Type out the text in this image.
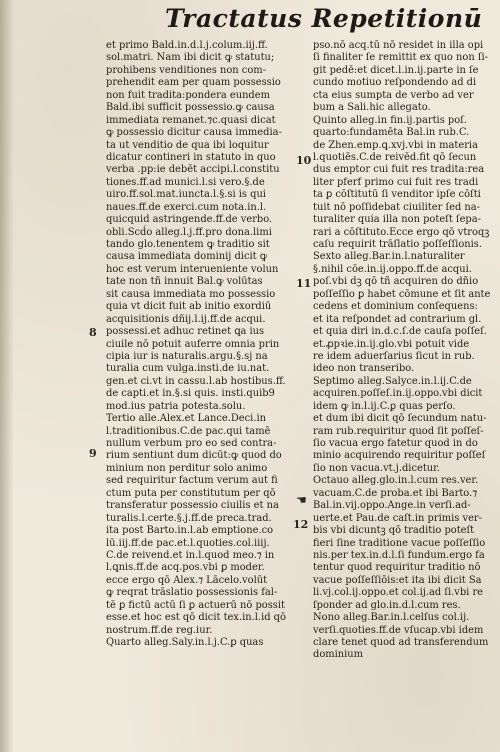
Tractatus Repetitionū
et primo Bald.in.d.l.j.colum.iij.ff.
sol.matri. Nam ibi dicit ꝙ statutu;
prohibens venditiones non com-
prehendit eam per quam possessio
non fuit tradita:pondera eundem
Bald.ibi sufficit possessio.ꝙ causa
immediata remanet.⁊c.quasi dicat
ꝙ possessio dicitur causa immedia-
ta ut venditio de qua ibi loquitur
dicatur contineri in statuto in quo
verba .pp:ie debēt accipi.l.constitu
tiones.ff.ad munici.l.si vero.§.de
uiro.ff.sol.mat.iuncta.l.§.si is qui
naues.ff.de exerci.cum nota.in.l.
quicquid astringende.ff.de verbo.
obli.Scḋo alleg.l.j.ff.pro dona.limi
tando glo.tenentem ꝙ traditio sit
causa immediata dominij dicit ꝙ
hoc est verum interueniente volun
tate non tñ innuit Bal.ꝙ volūtas
sit causa immediata mo possessio
quia vt dicit fuit ab initio exordiū
acquisitionis dñij.l.ij.ff.de acqui.
possessi.et adhuc retinet ꝗa ius
ciuile nō potuit auferre omnia prin
cipia iur is naturalis.argu.§.sj na
turalia cum vulga.insti.de iu.nat.
gen.et ci.vt in cassu.l.ab hostibus.ff.
de capti.et in.§.si quis. insti.quib9
mod.ius patria potesta.solu.
Tertio alle.Alex.et Lance.Deci.in
l.traditionibus.C.de pac.qui tamē
nullum verbum pro eo sed contra-
rium sentiunt dum dicūt:ꝙ quod do
minium non perditur solo animo
sed requiritur factum verum aut fi
ctum puta per constitutum per qō
transferatur possessio ciuilis et na
turalis.l.certe.§.j.ff.de preca.trad.
ita post Barto.in.l.ab emptione.co
lū.iij.ff.de pac.et.l.quoties.col.iiij.
C.de reivend.et in.l.quod meo.⁊ in
l.ꝗnis.ff.de acq.pos.vbi ꝑ moder.
ecce ergo qō Alex.⁊ Lācelo.volūt
ꝙ reqrat trāslatio possessionis fal-
tē ꝑ fictū actū ſi ꝑ actuerū nō possit
esse.et hoc est qō dicit tex.in.l.id qō
nostrum.ff.de reg.iur.
Quarto alleg.Saly.in.l.j.C.ꝑ quas
pso.nō acq.tū nō residet in illa opi
ſi finaliter ſe remittit ex quo non ſi-
git pedē:et dicet.l.in.ij.parte in ſe
cundo motiuo reſpondendo ad di
cta eius sumpta de verbo ad ver
bum a Sali.hic allegato.
Quinto alleg.in fin.ij.partis poſ.
quarto:fundamēta Bal.in rub.C.
de Zhen.emp.ꝗ.xvj.vbi in materia
l.quotiēs.C.de reivēd.fit qō ſecun
dus emptor cui fuit res tradita:rea
liter pferf primo cui fuit res tradi
ta ꝑ cōſtitutū ſi venditor ipſe cōſti
tuit nō poſſidebat ciuiliter ſed na-
turaliter quia illa non poteſt ſepa-
rari a cōſtituto.Ecce ergo qō vtroqꝫ
caſu requirit trāſlatio poſſeſſionis.
Sexto alleg.Bar.in.l.naturaliter
§.nihil cōe.in.ij.oppo.ff.de acqui.
poſ.vbi dꝫ qō tñ acquiren do dñio
poſſeſſio ꝑ habet cōmune et ſit ante
cedens et dominium conſequens:
et ita reſpondet ad contrarium gl.
et quia diri in.d.c.ſ.de cauſa poſſeſ.
et.ꝓpꝛie.in.ij.glo.vbi potuit vide
re idem aduerſarius ſicut in rub.
ideo non transeribo.
Septimo alleg.Salyce.in.l.ij.C.de
acquiren.poſſeſ.in.ij.oppo.vbi dicit
idem ꝙ in.l.ij.C.ꝑ quas perſo.
et dum ibi dicit qō ſecundum natu-
ram rub.requiritur quod ſit poſſeſ-
ſio vacua ergo fatetur quod in do
minio acquirendo requiritur poſſeſ
ſio non vacua.vt.j.dicetur.
Octauo alleg.glo.in.l.cum res.ver.
vacuam.C.de proba.et ibi Barto.⁊
Bal.in.vij.oppo.Ange.in verſi.ad-
uerte.et Pau.de caſt.in primis ver-
bis vbi dicuntꝫ qō traditio poteſt
fieri ſine traditione vacue poſſeſſio
nis.per tex.in.d.l.ſi fundum.ergo fa
tentur quod requiritur traditio nō
vacue poſſeſſiōis:et ita ibi dicit Sa
li.vj.col.ij.oppo.et col.ij.ad ſi.vbi re
ſponder ad glo.in.d.l.cum res.
Nono alleg.Bar.in.l.celſus col.ij.
verſi.quoties.ff.de vſucap.vbi idem
clare tenet quod ad transferendum
dominium
8
9
10
11
12
☚
